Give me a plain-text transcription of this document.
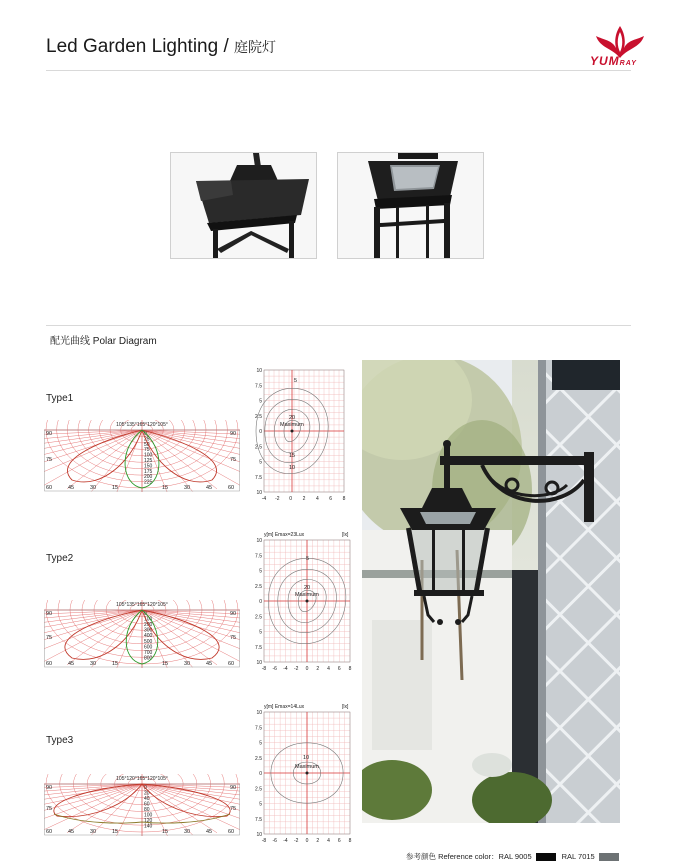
Led Garden Lighting / 庭院灯
YUMRAY
配光曲线 Polar Diagram
Type1
Type2
Type3
105°135°165°120°105°
90	90
75	75
60	60
45	45
30	30
15	15
0
25
50
75
100
125
150
175
200
225
105°135°165°120°105°
90	90
75	75
60	60
45	45
30	30
15	15
0
100
200
300
400
500
600
700
800
105°120°165°120°105°
90	90
75	75
60	60
45	45
30	30
15	15
0
20
40
60
80
100
120
140
10
7.5
5
2.5
0
2.5
5
7.5
10
-4 -2 0 2 4 6 8
5
20
Maximum
15
10
y[m] Emax=23Lux	[lx]
10
7.5
5
2.5
0
2.5
5
7.5
10
-8 -6 -4 -2 0 2 4 6 8
5
20
Maximum
y[m] Emax=14Lux	[lx]
10
7.5
5
2.5
0
2.5
5
7.5
10
-8 -6 -4 -2 0 2 4 6 8
10
Maximum
参考颜色 Reference color：RAL 9005	RAL 7015
